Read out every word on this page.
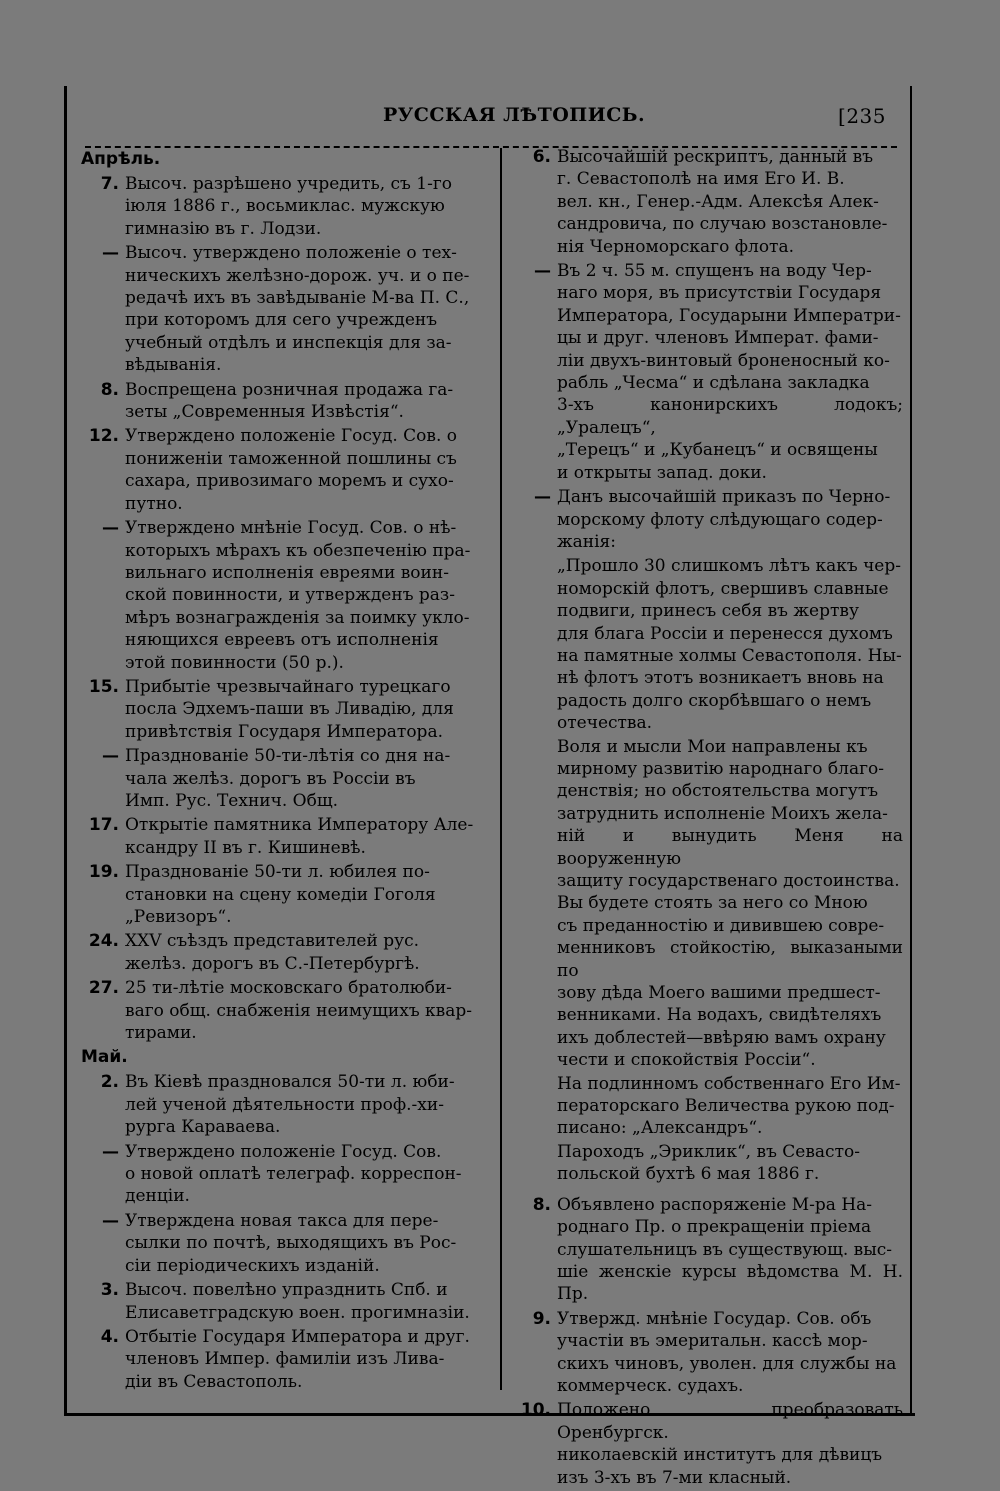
РУССКАЯ ЛѢТОПИСЬ.	[235
Апрѣль.
7. Высоч. разрѣшено учредить, съ 1-го
іюля 1886 г., восьмиклас. мужскую
гимназію въ г. Лодзи.
— Высоч. утверждено положеніе о тех-
ническихъ желѣзно-дорож. уч. и о пе-
редачѣ ихъ въ завѣдываніе М-ва П. С.,
при которомъ для сего учрежденъ
учебный отдѣлъ и инспекція для за-
вѣдыванія.
8. Воспрещена розничная продажа га-
зеты „Современныя Извѣстія“.
12. Утверждено положеніе Госуд. Сов. о
пониженіи таможенной пошлины съ
сахара, привозимаго моремъ и сухо-
путно.
— Утверждено мнѣніе Госуд. Сов. о нѣ-
которыхъ мѣрахъ къ обезпеченію пра-
вильнаго исполненія евреями воин-
ской повинности, и утвержденъ раз-
мѣръ вознагражденія за поимку укло-
няющихся евреевъ отъ исполненія
этой повинности (50 р.).
15. Прибытіе чрезвычайнаго турецкаго
посла Эдхемъ-паши въ Ливадію, для
привѣтствія Государя Императора.
— Празднованіе 50-ти-лѣтія со дня на-
чала желѣз. дорогъ въ Россіи въ
Имп. Рус. Технич. Общ.
17. Открытіе памятника Императору Але-
ксандру II въ г. Кишиневѣ.
19. Празднованіе 50-ти л. юбилея по-
становки на сцену комедіи Гоголя
„Ревизоръ“.
24. XXV съѣздъ представителей рус.
желѣз. дорогъ въ С.-Петербургѣ.
27. 25 ти-лѣтіе московскаго братолюби-
ваго общ. снабженія неимущихъ квар-
тирами.
Май.
2. Въ Кіевѣ праздновался 50-ти л. юби-
лей ученой дѣятельности проф.-хи-
рурга Караваева.
— Утверждено положеніе Госуд. Сов.
о новой оплатѣ телеграф. корреспон-
денціи.
— Утверждена новая такса для пере-
сылки по почтѣ, выходящихъ въ Рос-
сіи періодическихъ изданій.
3. Высоч. повелѣно упразднить Спб. и
Елисаветградскую воен. прогимназіи.
4. Отбытіе Государя Императора и друг.
членовъ Импер. фамиліи изъ Лива-
діи въ Севастополь.
6. Высочайшій рескриптъ, данный въ
г. Севастополѣ на имя Его И. В.
вел. кн., Генер.-Адм. Алексѣя Алек-
сандровича, по случаю возстановле-
нія Черноморскаго флота.
— Въ 2 ч. 55 м. спущенъ на воду Чер-
наго моря, въ присутствіи Государя
Императора, Государыни Императри-
цы и друг. членовъ Императ. фами-
ліи двухъ-винтовый броненосный ко-
рабль „Чесма“ и сдѣлана закладка
3-хъ канонирскихъ лодокъ; „Уралецъ“,
„Терецъ“ и „Кубанецъ“ и освящены
и открыты запад. доки.
— Данъ высочайшій приказъ по Черно-
морскому флоту слѣдующаго содер-
жанія:
„Прошло 30 слишкомъ лѣтъ какъ чер-
номорскій флотъ, свершивъ славные
подвиги, принесъ себя въ жертву
для блага Россіи и перенесся духомъ
на памятные холмы Севастополя. Ны-
нѣ флотъ этотъ возникаетъ вновь на
радость долго скорбѣвшаго о немъ
отечества.
Воля и мысли Мои направлены къ
мирному развитію народнаго благо-
денствія; но обстоятельства могутъ
затруднить исполненіе Моихъ жела-
ній и вынудить Меня на вооруженную
защиту государственаго достоинства.
Вы будете стоять за него со Мною
съ преданностію и дивившею совре-
менниковъ стойкостію, выказаными по
зову дѣда Моего вашими предшест-
венниками. На водахъ, свидѣтеляхъ
ихъ доблестей—ввѣряю вамъ охрану
чести и спокойствія Россіи“.
На подлинномъ собственнаго Его Им-
ператорскаго Величества рукою под-
писано: „Александръ“.
Пароходъ „Эриклик“, въ Севасто-
польской бухтѣ 6 мая 1886 г.
8. Объявлено распоряженіе М-ра На-
роднаго Пр. о прекращеніи пріема
слушательницъ въ существующ. выс-
шіе женскіе курсы вѣдомства М. Н. Пр.
9. Утвержд. мнѣніе Государ. Сов. объ
участіи въ эмеритальн. кассѣ мор-
скихъ чиновъ, уволен. для службы на
коммерческ. судахъ.
10. Положено преобразовать Оренбургск.
николаевскій институтъ для дѣвицъ
изъ 3-хъ въ 7-ми класный.
